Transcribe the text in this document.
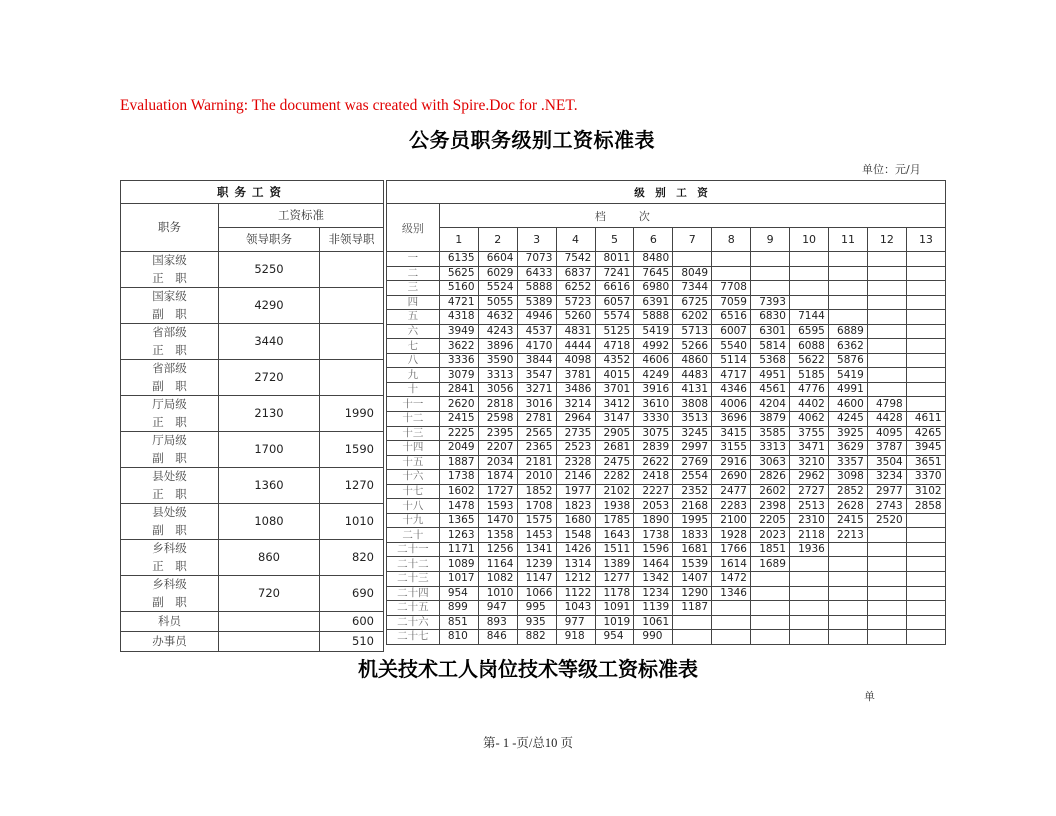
Evaluation Warning: The document was created with Spire.Doc for .NET.
公务员职务级别工资标准表
单位：元/月
职务工资		
职务	工资标准	
	领导职务	非领导职

国家级
正　职	5250	

国家级
副　职	4290	

省部级
正　职	3440	

省部级
副　职	2720	

厅局级
正　职	2130	1990

厅局级
副　职	1700	1590

县处级
正　职	1360	1270

县处级
副　职	1080	1010

乡科级
正　职	860	820

乡科级
副　职	720	690

科员		600

办事员		510
级　别　工　资													
级别	档　　　次												
	1	2	3	4	5	6	7	8	9	10	11	12	13
一	6135	6604	7073	7542	8011	8480							
二	5625	6029	6433	6837	7241	7645	8049						
三	5160	5524	5888	6252	6616	6980	7344	7708					
四	4721	5055	5389	5723	6057	6391	6725	7059	7393				
五	4318	4632	4946	5260	5574	5888	6202	6516	6830	7144			
六	3949	4243	4537	4831	5125	5419	5713	6007	6301	6595	6889		
七	3622	3896	4170	4444	4718	4992	5266	5540	5814	6088	6362		
八	3336	3590	3844	4098	4352	4606	4860	5114	5368	5622	5876		
九	3079	3313	3547	3781	4015	4249	4483	4717	4951	5185	5419		
十	2841	3056	3271	3486	3701	3916	4131	4346	4561	4776	4991		
十一	2620	2818	3016	3214	3412	3610	3808	4006	4204	4402	4600	4798	
十二	2415	2598	2781	2964	3147	3330	3513	3696	3879	4062	4245	4428	4611
十三	2225	2395	2565	2735	2905	3075	3245	3415	3585	3755	3925	4095	4265
十四	2049	2207	2365	2523	2681	2839	2997	3155	3313	3471	3629	3787	3945
十五	1887	2034	2181	2328	2475	2622	2769	2916	3063	3210	3357	3504	3651
十六	1738	1874	2010	2146	2282	2418	2554	2690	2826	2962	3098	3234	3370
十七	1602	1727	1852	1977	2102	2227	2352	2477	2602	2727	2852	2977	3102
十八	1478	1593	1708	1823	1938	2053	2168	2283	2398	2513	2628	2743	2858
十九	1365	1470	1575	1680	1785	1890	1995	2100	2205	2310	2415	2520	
二十	1263	1358	1453	1548	1643	1738	1833	1928	2023	2118	2213		
二十一	1171	1256	1341	1426	1511	1596	1681	1766	1851	1936			
二十二	1089	1164	1239	1314	1389	1464	1539	1614	1689				
二十三	1017	1082	1147	1212	1277	1342	1407	1472					
二十四	954	1010	1066	1122	1178	1234	1290	1346					
二十五	899	947	995	1043	1091	1139	1187						
二十六	851	893	935	977	1019	1061							
二十七	810	846	882	918	954	990							
机关技术工人岗位技术等级工资标准表
单
第- 1 -页/总10 页
